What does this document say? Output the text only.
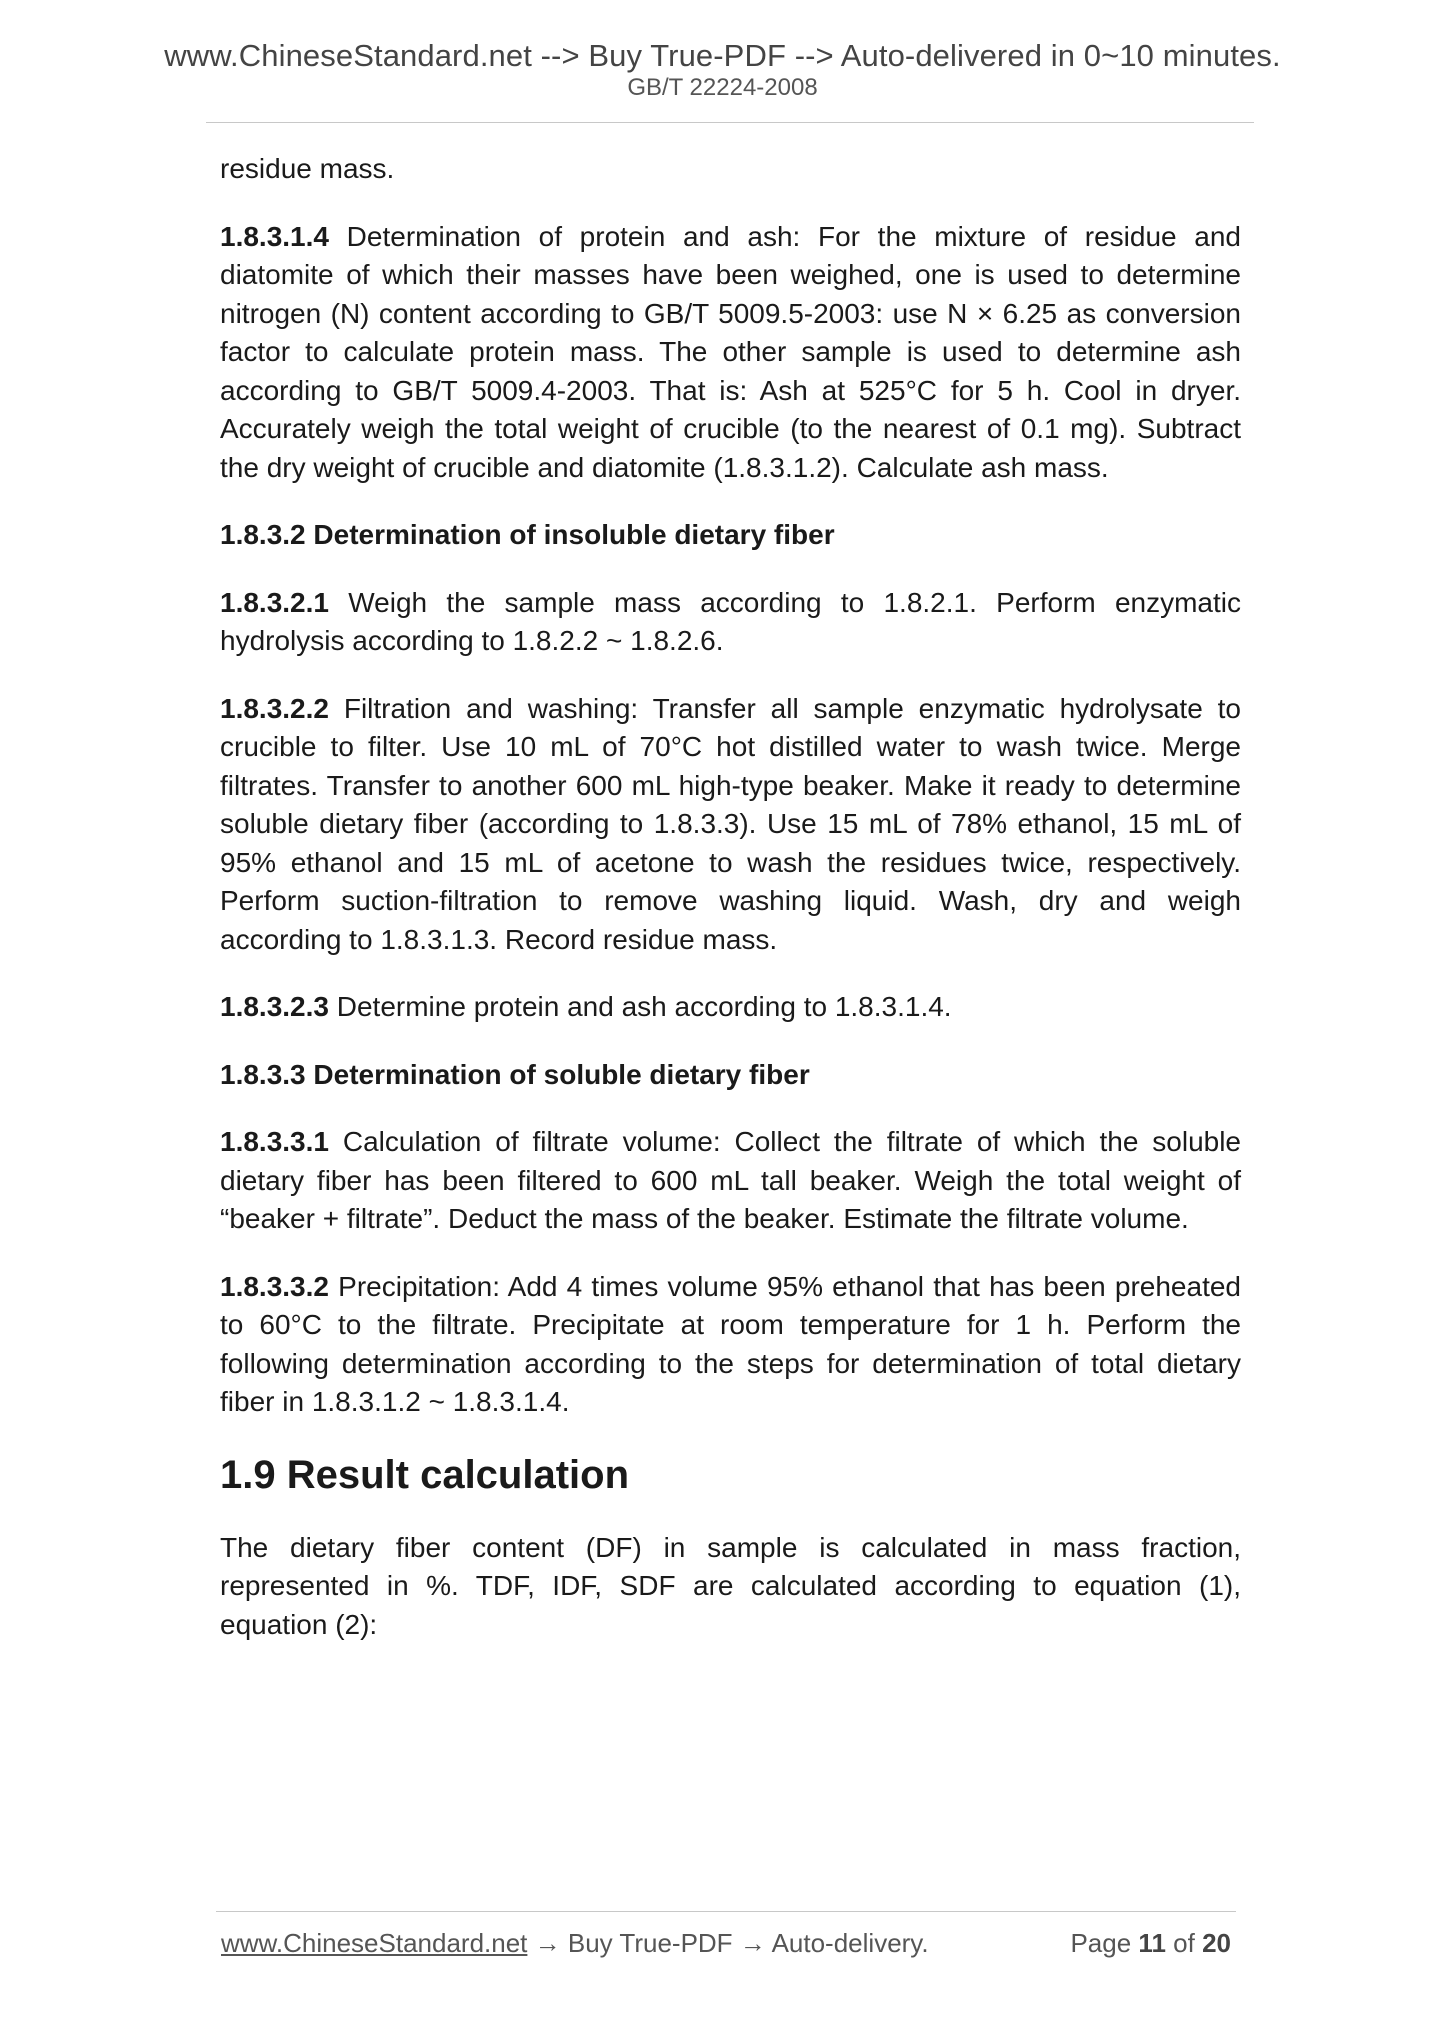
www.ChineseStandard.net --> Buy True-PDF --> Auto-delivered in 0~10 minutes.
GB/T 22224-2008

residue mass.

1.8.3.1.4 Determination of protein and ash: For the mixture of residue and diatomite of which their masses have been weighed, one is used to determine nitrogen (N) content according to GB/T 5009.5-2003: use N × 6.25 as conversion factor to calculate protein mass. The other sample is used to determine ash according to GB/T 5009.4-2003. That is: Ash at 525°C for 5 h. Cool in dryer. Accurately weigh the total weight of crucible (to the nearest of 0.1 mg). Subtract the dry weight of crucible and diatomite (1.8.3.1.2). Calculate ash mass.

1.8.3.2 Determination of insoluble dietary fiber

1.8.3.2.1 Weigh the sample mass according to 1.8.2.1. Perform enzymatic hydrolysis according to 1.8.2.2 ~ 1.8.2.6.

1.8.3.2.2 Filtration and washing: Transfer all sample enzymatic hydrolysate to crucible to filter. Use 10 mL of 70°C hot distilled water to wash twice. Merge filtrates. Transfer to another 600 mL high-type beaker. Make it ready to determine soluble dietary fiber (according to 1.8.3.3). Use 15 mL of 78% ethanol, 15 mL of 95% ethanol and 15 mL of acetone to wash the residues twice, respectively. Perform suction-filtration to remove washing liquid. Wash, dry and weigh according to 1.8.3.1.3. Record residue mass.

1.8.3.2.3 Determine protein and ash according to 1.8.3.1.4.

1.8.3.3 Determination of soluble dietary fiber

1.8.3.3.1 Calculation of filtrate volume: Collect the filtrate of which the soluble dietary fiber has been filtered to 600 mL tall beaker. Weigh the total weight of “beaker + filtrate”. Deduct the mass of the beaker. Estimate the filtrate volume.

1.8.3.3.2 Precipitation: Add 4 times volume 95% ethanol that has been preheated to 60°C to the filtrate. Precipitate at room temperature for 1 h. Perform the following determination according to the steps for determination of total dietary fiber in 1.8.3.1.2 ~ 1.8.3.1.4.

1.9 Result calculation

The dietary fiber content (DF) in sample is calculated in mass fraction, represented in %. TDF, IDF, SDF are calculated according to equation (1), equation (2):

www.ChineseStandard.net → Buy True-PDF → Auto-delivery.	Page 11 of 20
